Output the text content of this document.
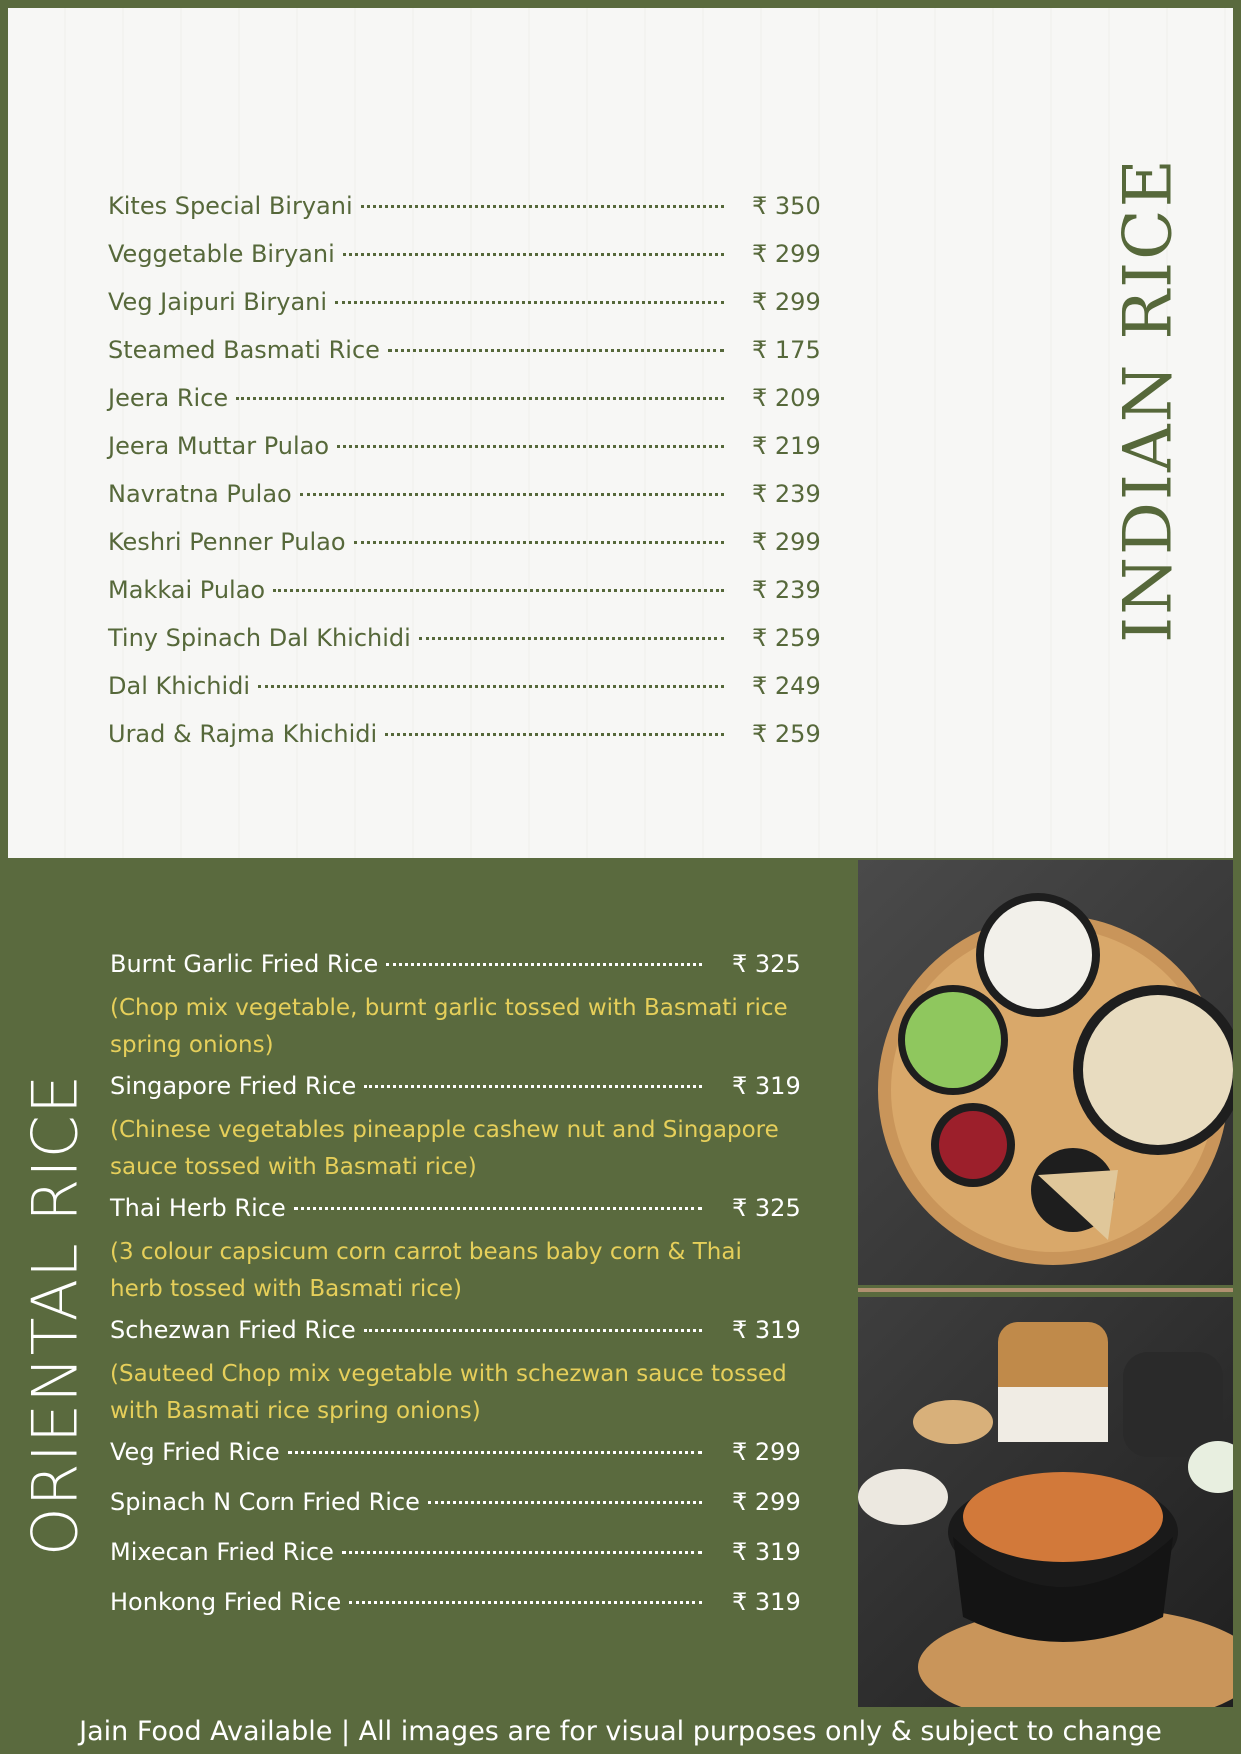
Kites Special Biryani	₹ 350
Veggetable Biryani	₹ 299
Veg Jaipuri Biryani	₹ 299
Steamed Basmati Rice	₹ 175
Jeera Rice	₹ 209
Jeera Muttar Pulao	₹ 219
Navratna Pulao	₹ 239
Keshri Penner Pulao	₹ 299
Makkai Pulao	₹ 239
Tiny Spinach Dal Khichidi	₹ 259
Dal Khichidi	₹ 249
Urad & Rajma Khichidi	₹ 259
INDIAN RICE
ORIENTAL RICE
Burnt Garlic Fried Rice	₹ 325
(Chop mix vegetable, burnt garlic tossed with Basmati rice spring onions)
Singapore Fried Rice	₹ 319
(Chinese vegetables pineapple cashew nut and Singapore sauce tossed with Basmati rice)
Thai Herb Rice	₹ 325
(3 colour capsicum corn carrot beans baby corn & Thai herb tossed with Basmati rice)
Schezwan Fried Rice	₹ 319
(Sauteed Chop mix vegetable with schezwan sauce tossed with Basmati rice spring onions)
Veg Fried Rice	₹ 299
Spinach N Corn Fried Rice	₹ 299
Mixecan Fried Rice	₹ 319
Honkong Fried Rice	₹ 319
Jain Food Available | All images are for visual purposes only & subject to change
